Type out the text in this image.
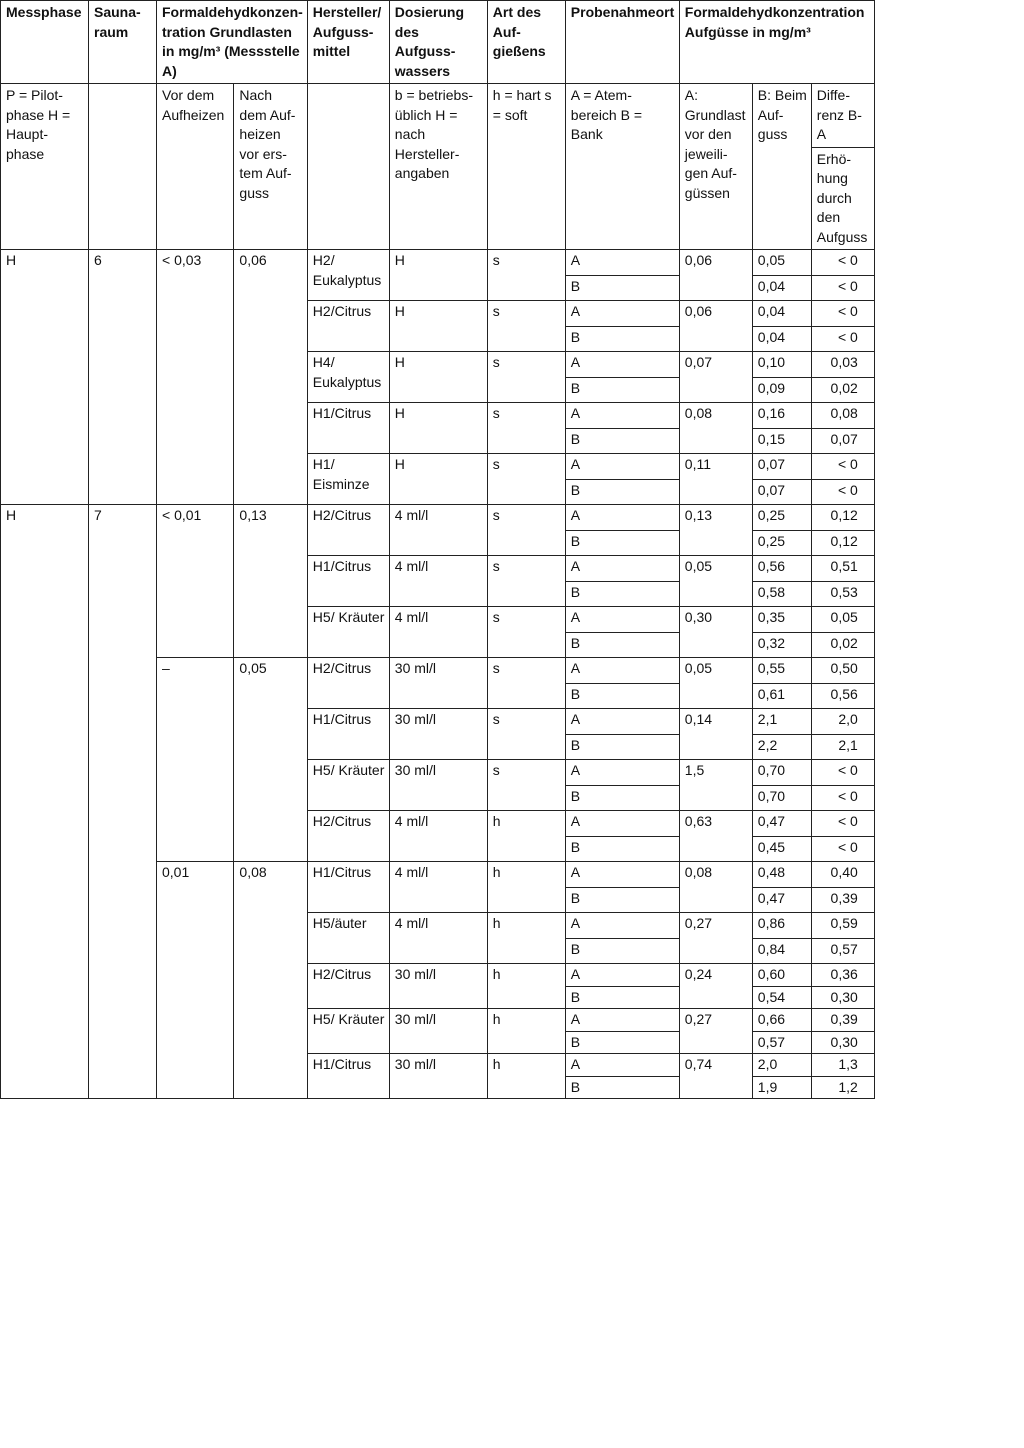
Messphase	Sauna-raum	Formaldehydkonzen-tration Grundlasten in mg/m³ (Messstelle A)		Hersteller/ Aufguss-mittel	Dosierung des Aufguss-wassers	Art des Auf-gießens	Probenahmeort	Formaldehydkonzentration Aufgüsse in mg/m³		
P = Pilot-phase H = Haupt-phase		Vor dem Aufheizen	Nach dem Auf-heizen vor ers-tem Auf-guss		b = betriebs-üblich H = nach Hersteller-angaben	h = hart s = soft	A = Atem-bereich B = Bank	A: Grundlast vor den jeweili-gen Auf-güssen	B: Beim Auf-guss	Diffe-renz B-A
										Erhö-hung durch den Aufguss
H	6	< 0,03	0,06	H2/ Eukalyptus	H	s	A	0,06	0,05	< 0
							B		0,04	< 0
				H2/Citrus	H	s	A	0,06	0,04	< 0
							B		0,04	< 0
				H4/ Eukalyptus	H	s	A	0,07	0,10	0,03
							B		0,09	0,02
				H1/Citrus	H	s	A	0,08	0,16	0,08
							B		0,15	0,07
				H1/ Eisminze	H	s	A	0,11	0,07	< 0
							B		0,07	< 0
H	7	< 0,01	0,13	H2/Citrus	4 ml/l	s	A	0,13	0,25	0,12
							B		0,25	0,12
				H1/Citrus	4 ml/l	s	A	0,05	0,56	0,51
							B		0,58	0,53
				H5/ Kräuter	4 ml/l	s	A	0,30	0,35	0,05
							B		0,32	0,02
		–	0,05	H2/Citrus	30 ml/l	s	A	0,05	0,55	0,50
							B		0,61	0,56
				H1/Citrus	30 ml/l	s	A	0,14	2,1	2,0
							B		2,2	2,1
				H5/ Kräuter	30 ml/l	s	A	1,5	0,70	< 0
							B		0,70	< 0
				H2/Citrus	4 ml/l	h	A	0,63	0,47	< 0
							B		0,45	< 0
		0,01	0,08	H1/Citrus	4 ml/l	h	A	0,08	0,48	0,40
							B		0,47	0,39
				H5/äuter	4 ml/l	h	A	0,27	0,86	0,59
							B		0,84	0,57
				H2/Citrus	30 ml/l	h	A	0,24	0,60	0,36
							B		0,54	0,30
				H5/ Kräuter	30 ml/l	h	A	0,27	0,66	0,39
							B		0,57	0,30
				H1/Citrus	30 ml/l	h	A	0,74	2,0	1,3
							B		1,9	1,2
